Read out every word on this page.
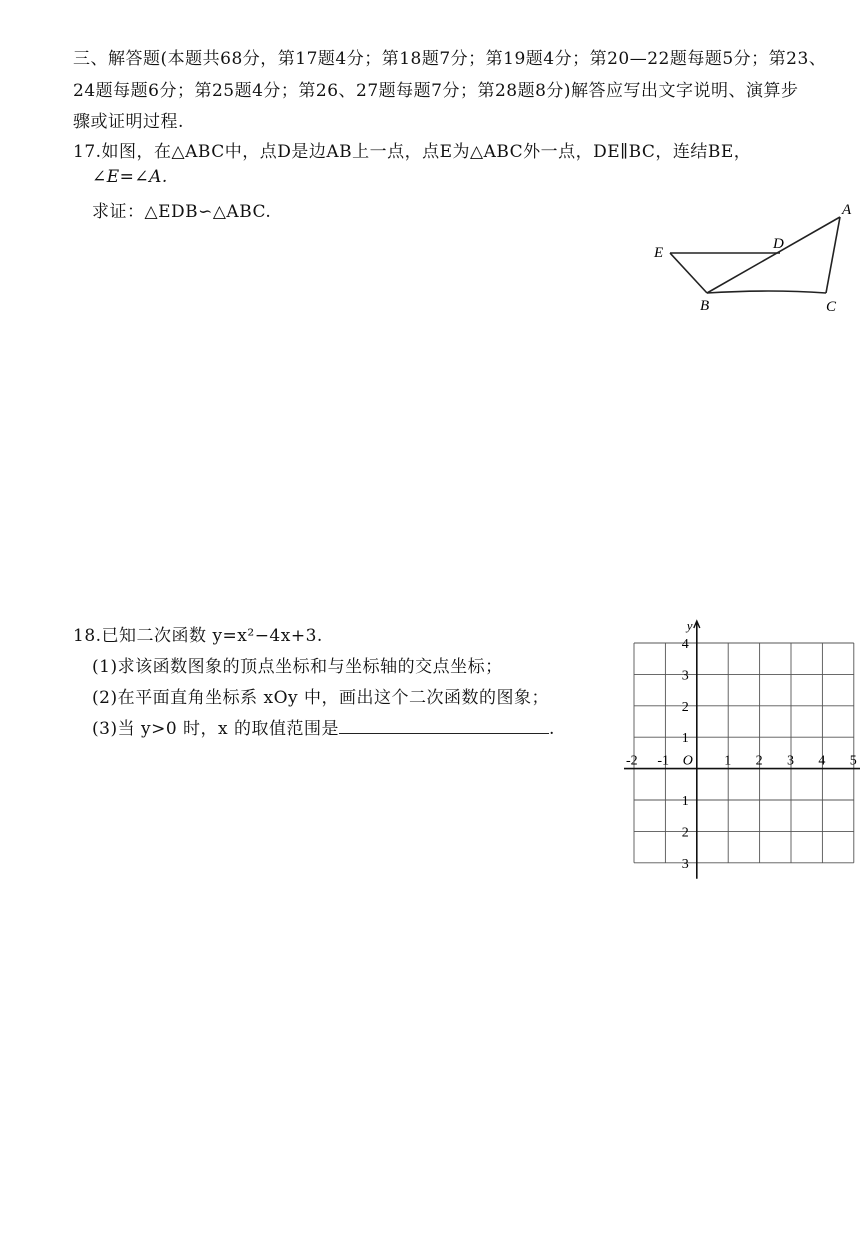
三、解答题(本题共68分，第17题4分；第18题7分；第19题4分；第20—22题每题5分；第23、
24题每题6分；第25题4分；第26、27题每题7分；第28题8分)解答应写出文字说明、演算步
骤或证明过程.
17.如图，在△ABC中，点D是边AB上一点，点E为△ABC外一点，DE∥BC，连结BE，
∠E=∠A.
求证：△EDB∽△ABC.	A
D
E
B	C
18.已知二次函数 y=x²−4x+3.
(1)求该函数图象的顶点坐标和与坐标轴的交点坐标；
(2)在平面直角坐标系 xOy 中，画出这个二次函数的图象；
(3)当 y>0 时，x 的取值范围是	.
y
O
-2 -1	1 2 3 4 5
4
3
2
1
1
2
3
